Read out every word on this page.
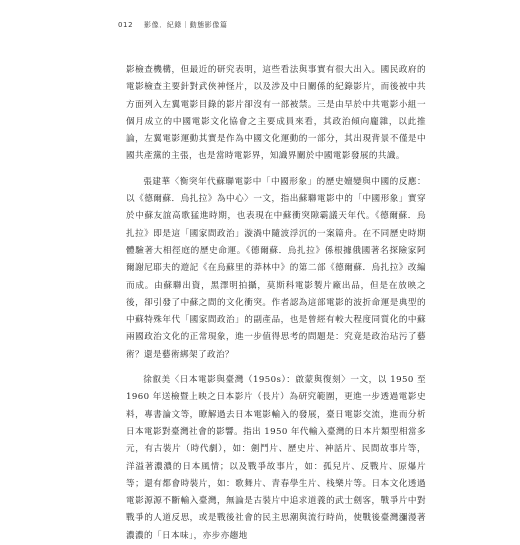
012 影像．紀錄｜動態影像篇

影檢查機構，但最近的研究表明，這些看法與事實有很大出入。國民政府的電影檢查主要針對武俠神怪片，以及涉及中日關係的紀錄影片，而後被中共方面列入左翼電影目錄的影片卻沒有一部被禁。三是由早於中共電影小組一個月成立的中國電影文化協會之主要成員來看，其政治傾向龐雜，以此推論，左翼電影運動其實是作為中國文化運動的一部分，其出現背景不僅是中國共產黨的主張，也是當時電影界，知識界關於中國電影發展的共識。

張建華〈衡突年代蘇聯電影中「中國形象」的歷史嬗變與中國的反應：以《德爾蘇．烏扎拉》為中心〉一文，指出蘇聯電影中的「中國形象」實穿於中蘇友誼高歌猛進時期，也表現在中蘇衝突隙霸議天年代。《德爾蘇．烏扎拉》即是這「國家間政治」漩渦中隨波浮沉的一案篇舟。在不同歷史時期體驗著大相徑庭的歷史命運。《德爾蘇．烏扎拉》係根據俄國著名探險家阿爾謝尼耶夫的遊記《在烏蘇里的莽林中》的第二部《德爾蘇．烏扎拉》改編而成。由蘇聯出資，黑澤明拍攝，莫斯科電影製片廠出品，但是在放映之後，卻引發了中蘇之間的文化衝突。作者認為這部電影的波折命運是典型的中蘇特殊年代「國家間政治」的副產品，也是曾經有較大程度同質化的中蘇兩國政治文化的正常現象，進一步值得思考的問題是：究竟是政治玷污了藝術？還是藝術綁架了政治？

徐叡美〈日本電影與臺灣（1950s）：啟蒙與復刻〉一文，以 1950 至 1960 年送檢暨上映之日本影片（長片）為研究範圍，更進一步透過電影史料，專書論文等，瞭解過去日本電影輸入的發展，臺日電影交流，進而分析日本電影對臺灣社會的影響。指出 1950 年代輸入臺灣的日本片類型相當多元，有古裝片（時代劇），如：劍鬥片、歷史片、神話片、民間故事片等，洋溢著濃濃的日本風情；以及戰爭故事片，如：孤兒片、反戰片、原爆片等；還有都會時裝片，如：歌舞片、青春學生片、栈樂片等。日本文化透過電影源源不斷輸入臺灣，無論是古裝片中追求道義的武士劍客，戰爭片中對戰爭的人道反思，或是戰後社會的民主思潮與流行時尚，使戰後臺灣瀰漫著濃濃的「日本味」，亦步亦趨地
